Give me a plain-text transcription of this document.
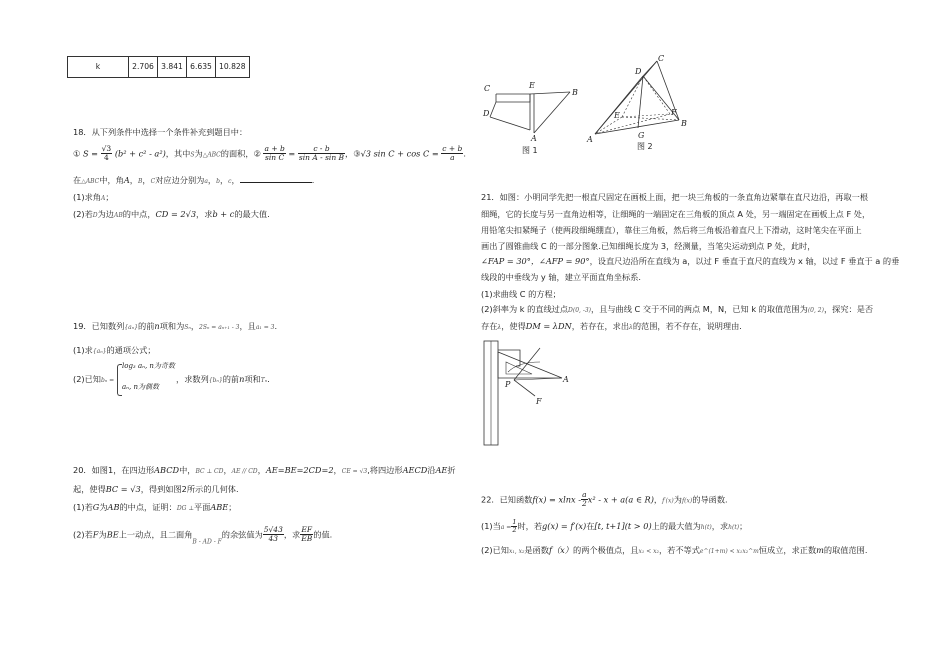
k	2.706	3.841	6.635	10.828
18．从下列条件中选择一个条件补充到题目中：
① $S = \frac{√3}{4} (b^2 + c^2 - a^2)$，其中S为△ABC的面积，② $\frac{a + b}{\text{sin C}} = \frac{c - b}{\text{sin A - sin B}}$ ，③√3 $\sin C + \cos C = \frac{c + b}{a}$ .
在△ABC中，角A，B，C对应边分别为a，b，c，	.
(1)求角A；
(2)若D为边AB的中点，CD = 2√3，求b + c的最大值.
19．已知数列{aₙ}的前n项和为Sₙ，2Sₙ = aₙ₊₁ - 3，且a₁ = 3.
(1)求{aₙ}的通项公式；
(2)已知bₙ =
log₃ aₙ, n为奇数
aₙ, n为偶数
，求数列{bₙ}的前n项和Tₙ.
20．如图1，在四边形ABCD中，BC ⊥ CD，AE // CD，AE=BE=2CD=2，CE = √3,将四边形AECD沿AE折
起，使得BC = √3，得到如图2所示的几何体.
(1)若G为AB的中点，证明：DG ⊥平面ABE；
(2)若F为BE上一动点，且二面角$_{B - AD - F}$的余弦值为 $\frac{5√43}{43}$ ，求 $\frac{EF}{EB}$ 的值.
C
D
E
B
A
图 1
D
C
E	F
B
G
A
图 2
21．如图：小明同学先把一根直尺固定在画板上面，把一块三角板的一条直角边紧靠在直尺边沿，再取一根
细绳，它的长度与另一直角边相等，让细绳的一端固定在三角板的顶点 A 处，另一端固定在画板上点 F 处，
用铅笔尖扣紧绳子（使两段细绳绷直），靠住三角板，然后将三角板沿着直尺上下滑动，这时笔尖在平面上
画出了圆锥曲线 C 的一部分图象.已知细绳长度为 3，经测量，当笔尖运动到点 P 处，此时，
∠FAP = 30°，∠AFP = 90°，设直尺边沿所在直线为 a，以过 F 垂直于直尺的直线为 x 轴，以过 F 垂直于 a 的垂
线段的中垂线为 y 轴，建立平面直角坐标系.
(1)求曲线 C 的方程；
(2)斜率为 k 的直线过点D(0, -3)，且与曲线 C 交于不同的两点 M，N，已知 k 的取值范围为(0, 2)，探究：是否
存在λ，使得DM = λDN，若存在，求出λ的范围，若不存在，说明理由.
P
A
F
22．已知函数$f(x) = xlnx - \frac{a}{2} x^2 - x + a(a$ ∈ R)，f′(x)为f(x)的导函数.
(1)当$a = \frac{1}{2}$ 时，若g(x) = f′(x)在[t, t+1](t > 0)上的最大值为h(t)，求h(t)；
(2)已知x₁, x₂是函数f（x）的两个极值点，且x₁ < x₂，若不等式e^(1+m) < x₁x₂^m恒成立，求正数m的取值范围.
